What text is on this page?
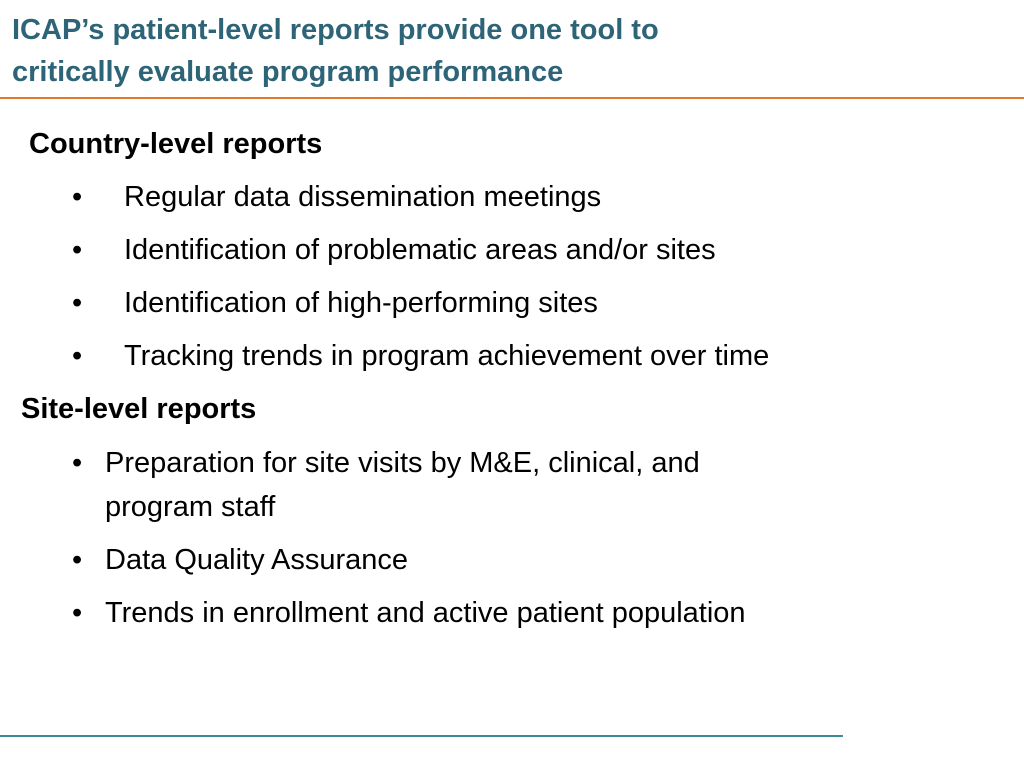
ICAP’s patient-level reports provide one tool to
critically evaluate program performance
Country-level reports
• Regular data dissemination meetings
• Identification of problematic areas and/or sites
• Identification of high-performing sites
• Tracking trends in program achievement over time
Site-level reports
• Preparation for site visits by M&E, clinical, and
program staff
• Data Quality Assurance
• Trends in enrollment and active patient population
